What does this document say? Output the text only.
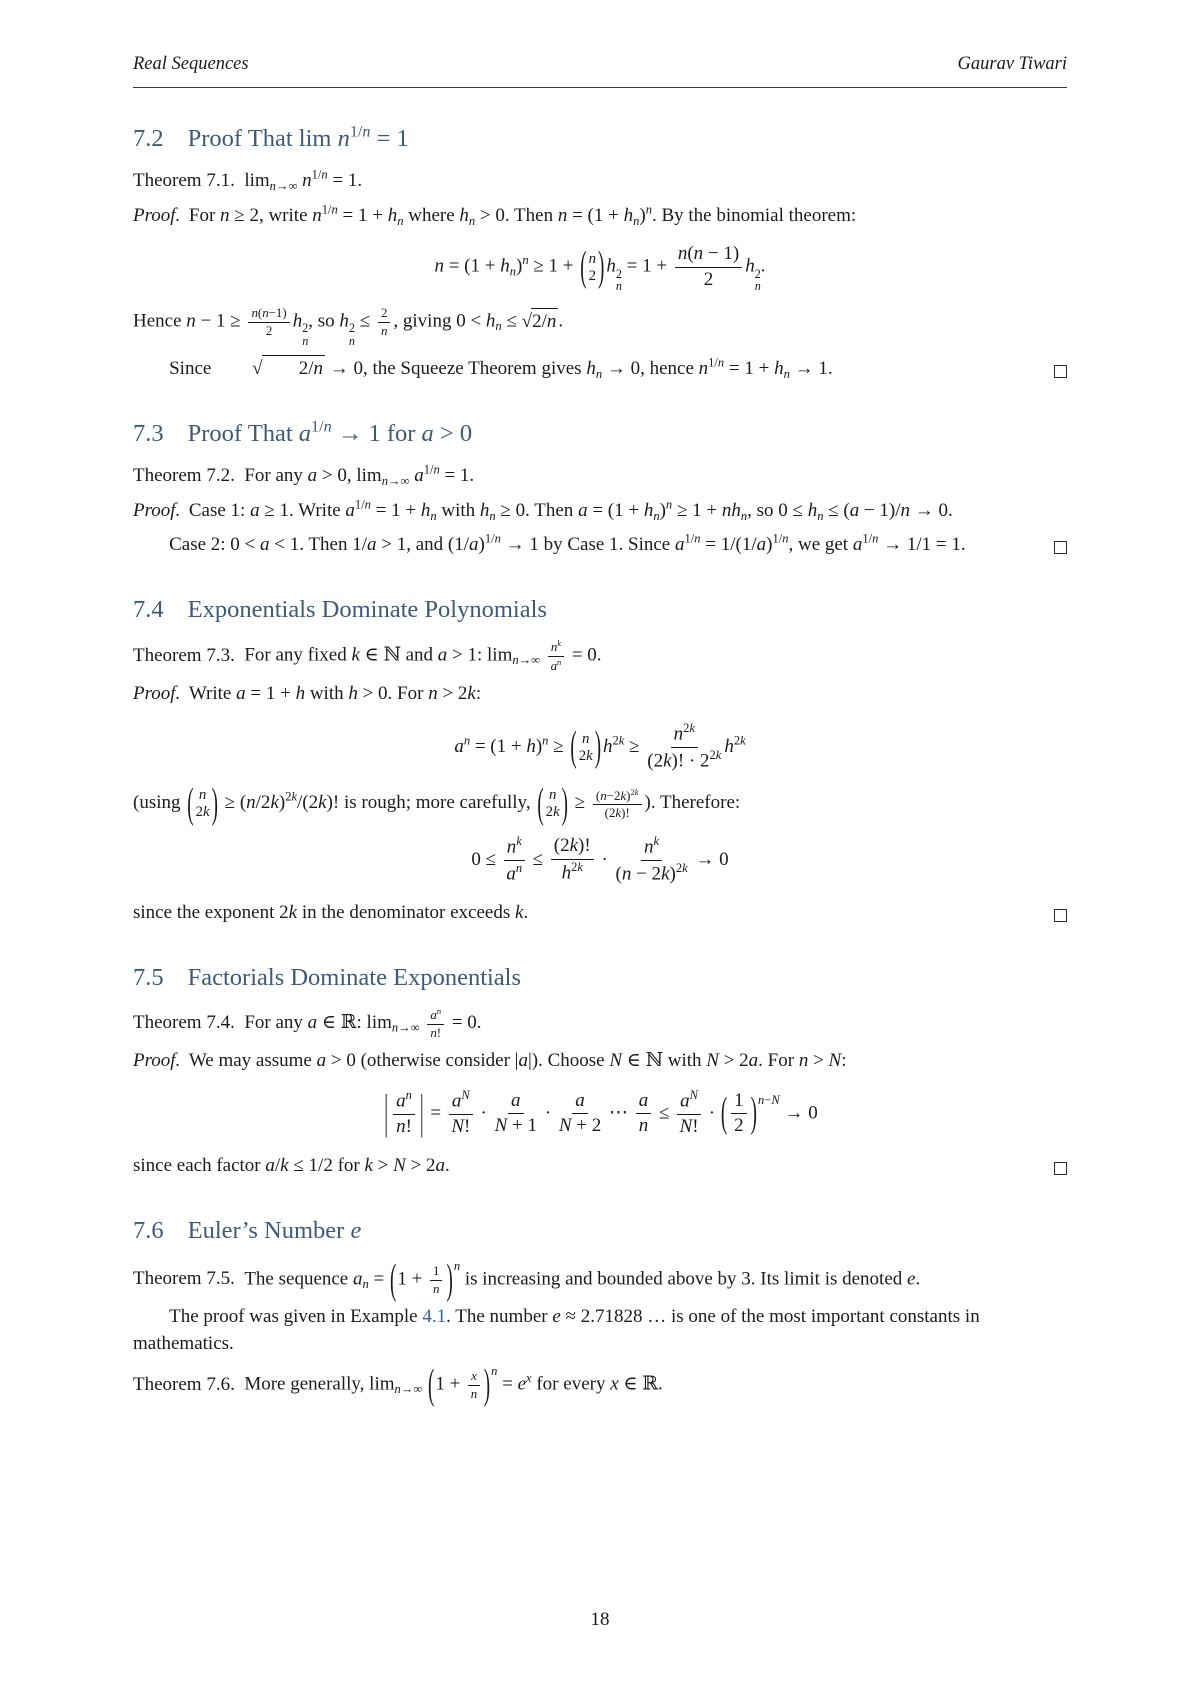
Real Sequences	Gaurav Tiwari
7.2 Proof That $\lim n^{1/n} = 1$

Theorem 7.1. limn→∞ $n^{1/n} = 1$.

Proof. For n ≥ 2, write $n^{1/n} = 1$ + hn where hn > 0. Then n = (1 + hn)$^n$. By the binomial theorem:

n = (1 + hn)$^n$ ≥ 1 + ( n
2 ) h 2
n
= $1 + \frac{n(n - 1)}{2}$ h 2
n
.

Hence $n - 1 \ge \frac{n(n-1)}{2}$ h 2
n
, so h 2
n
≤ $\frac{2}{n}$ , giving 0 < hn ≤ √ 2/n .

Since	√	2/n → 0, the Squeeze Theorem gives hn → 0, hence $n^{1/n} = 1$ + hn → 1.

7.3 Proof That $a^{1/n} \to 1$ for a > 0

Theorem 7.2. For any a > 0, limn→∞ $a^{1/n} = 1$.

Proof. Case 1: a ≥ 1. Write $a^{1/n} = 1$ + hn with hn ≥ 0. Then a = (1 + hn)$^n$ ≥ 1 + nhn, so 0 ≤ hn ≤ (a − 1)/n → 0.

Case 2: 0 < a < 1. Then 1/a > 1, and $(1/a)^{1/n} \to 1$ by Case 1. Since $a^{1/n} = 1/(1/a)^{1/n}$, we get $a^{1/n} \to 1/1 = 1$.

7.4 Exponentials Dominate Polynomials

Theorem 7.3. For any fixed k ∈ ℕ and a > 1: $\lim n\to\infty \frac{n^k}{a^n} = 0$.

Proof. Write a = 1 + h with h > 0. For n > 2k:

$a^n = (1 + h)^n$ ≥ ( n
2k ) $h^{2k} \ge \frac{n^{2k}}{(2k)! \cdot 2^{2k}} h^{2k}$

(using ( n
2k ) ≥ $(n/2k)^{2k}/(2k)$! is rough; more carefully, ( n
2k ) ≥ $\frac{(n-2k)^{2k}}{(2k)!}$ ). Therefore:

$0 \le \frac{n^k}{a^n} \le \frac{(2k)!}{h^{2k}} \cdot \frac{n^k}{(n - 2k)^{2k}} \to 0$

since the exponent 2k in the denominator exceeds k.

7.5 Factorials Dominate Exponentials

Theorem 7.4. For any a ∈ ℝ: $\lim n\to\infty \frac{a^n}{n!} = 0$.

Proof. We may assume a > 0 (otherwise consider |a|). Choose N ∈ ℕ with N > 2a. For n > N:

| $\frac{a^n}{n!}$ | = $\frac{a^N}{N!} \cdot \frac{a}{N + 1} \cdot \frac{a}{N + 2}$ ⋯ $\frac{a}{n} \le \frac{a^N}{N!}$ · ( $\frac{1}{2}$ ) $^{n-N}$ → 0

since each factor a/k ≤ 1/2 for k > N > 2a.

7.6 Euler’s Number e

Theorem 7.5. The sequence an = ( $1 + \frac{1}{n}$ ) $^n$ is increasing and bounded above by 3. Its limit is denoted e.

The proof was given in Example 4.1. The number e ≈ 2.71828 … is one of the most important constants in mathematics.

Theorem 7.6. More generally, limn→∞ ( $1 + \frac{x}{n}$ ) $^n = e^x$ for every x ∈ ℝ.

18
